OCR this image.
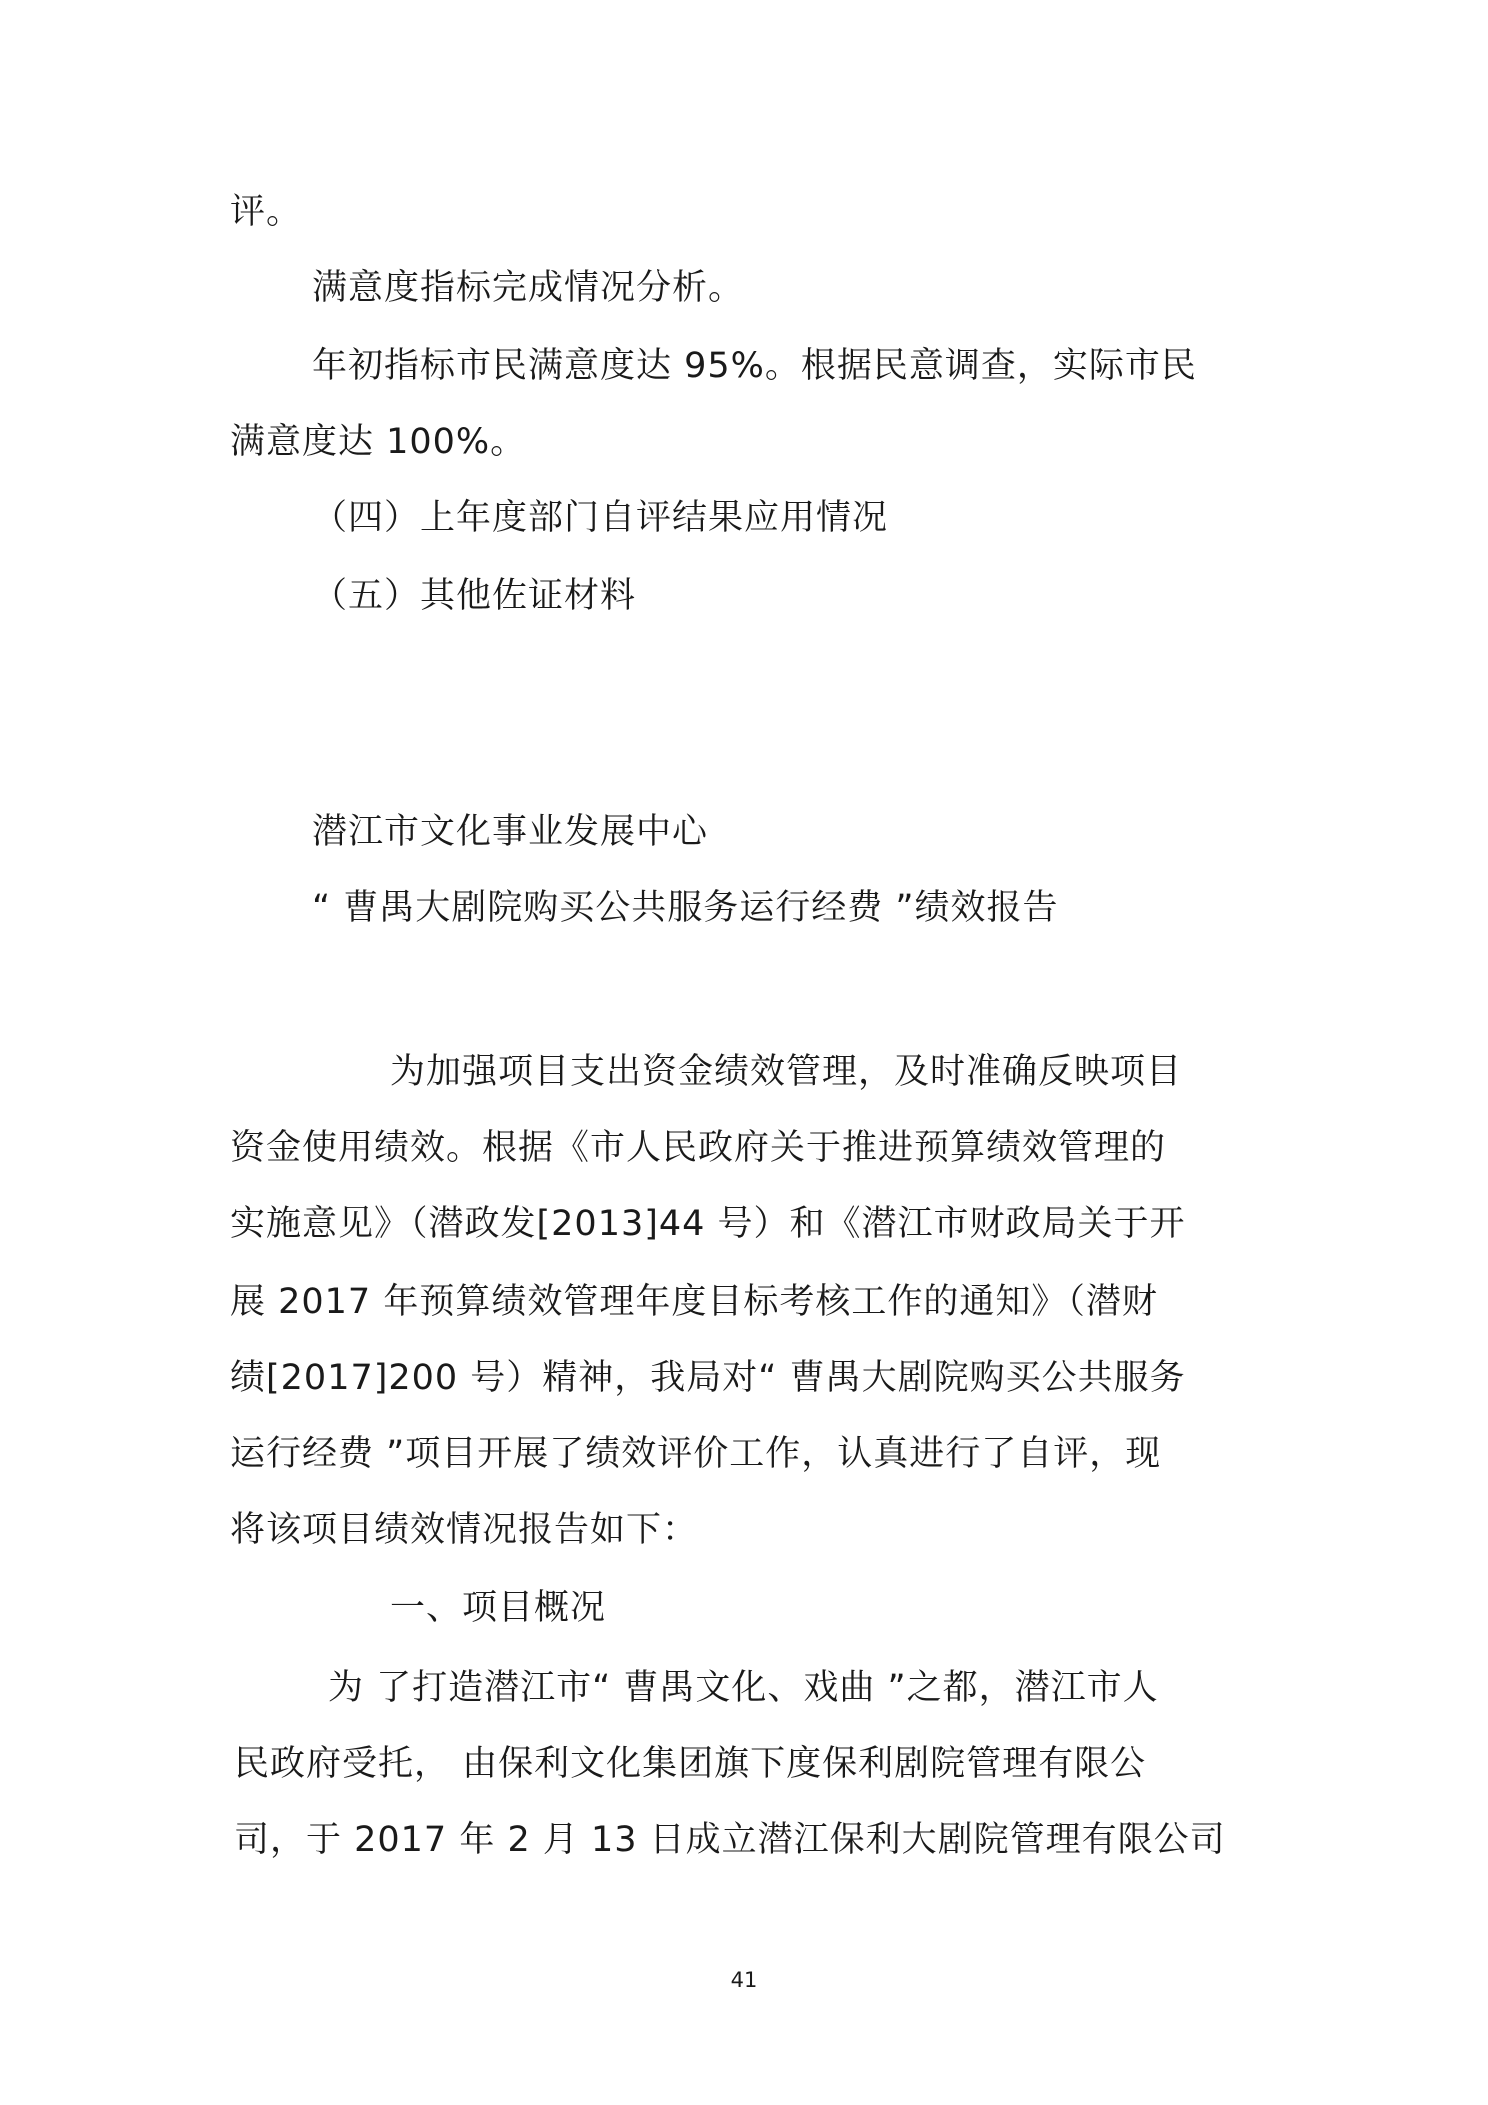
评。
满意度指标完成情况分析。
年初指标市民满意度达 95%。根据民意调查，实际市民
满意度达 100%。
（四）上年度部门自评结果应用情况
（五）其他佐证材料
潜江市文化事业发展中心
“ 曹禺大剧院购买公共服务运行经费 ”绩效报告
为加强项目支出资金绩效管理，及时准确反映项目
资金使用绩效。根据《市人民政府关于推进预算绩效管理的
实施意见》（潜政发[2013]44 号）和《潜江市财政局关于开
展 2017 年预算绩效管理年度目标考核工作的通知》（潜财
绩[2017]200 号）精神，我局对“ 曹禺大剧院购买公共服务
运行经费 ”项目开展了绩效评价工作，认真进行了自评，现
将该项目绩效情况报告如下：
一、项目概况
为 了打造潜江市“ 曹禺文化、戏曲 ”之都，潜江市人
民政府受托， 由保利文化集团旗下度保利剧院管理有限公
司，于 2017 年 2 月 13 日成立潜江保利大剧院管理有限公司
41
